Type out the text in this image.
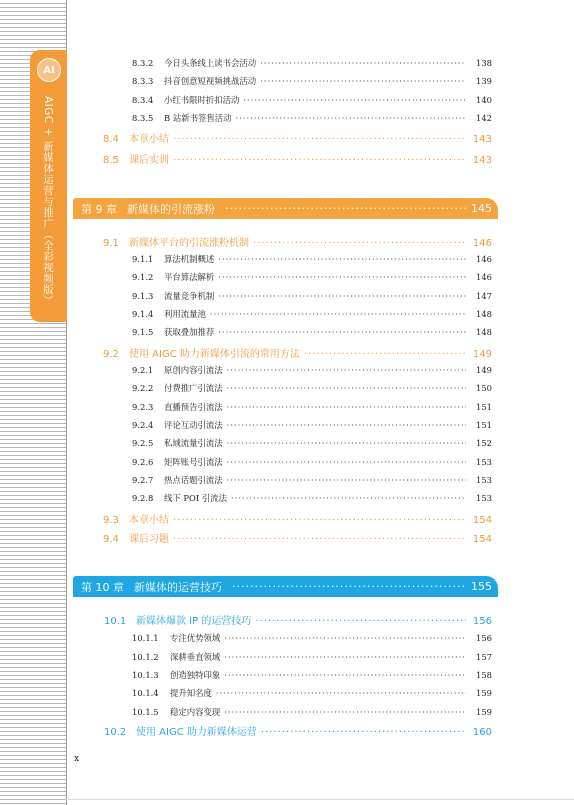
AI
AIGC + 新媒体运营与推广（全彩视频版）
8.3.2	今日头条线上读书会活动 ·····	138
8.3.3	抖音创意短视频挑战活动 ·····	139
8.3.4	小红书限时折扣活动 ·····	140
8.3.5	B 站新书签售活动 ·····	142
8.4	本章小结 ·····	143
8.5	课后实训 ·····	143
第 9 章 新媒体的引流涨粉 ·····	145
9.1	新媒体平台的引流涨粉机制 ·····	146
9.1.1	算法机制概述 ·····	146
9.1.2	平台算法解析 ·····	146
9.1.3	流量竞争机制 ·····	147
9.1.4	利用流量池 ·····	148
9.1.5	获取叠加推荐 ·····	148
9.2	使用 AIGC 助力新媒体引流的常用方法 ·····	149
9.2.1	原创内容引流法 ·····	149
9.2.2	付费推广引流法 ·····	150
9.2.3	直播预告引流法 ·····	151
9.2.4	评论互动引流法 ·····	151
9.2.5	私域流量引流法 ·····	152
9.2.6	矩阵账号引流法 ·····	153
9.2.7	热点话题引流法 ·····	153
9.2.8	线下 POI 引流法 ·····	153
9.3	本章小结 ·····	154
9.4	课后习题 ·····	154
第 10 章 新媒体的运营技巧 ·····	155
10.1 新媒体爆款 IP 的运营技巧 ·····	156
10.1.1	专注优势领域 ·····	156
10.1.2	深耕垂直领域 ·····	157
10.1.3	创造独特印象 ·····	158
10.1.4	提升知名度 ·····	159
10.1.5	稳定内容变现 ·····	159
10.2 使用 AIGC 助力新媒体运营 ·····	160
x
